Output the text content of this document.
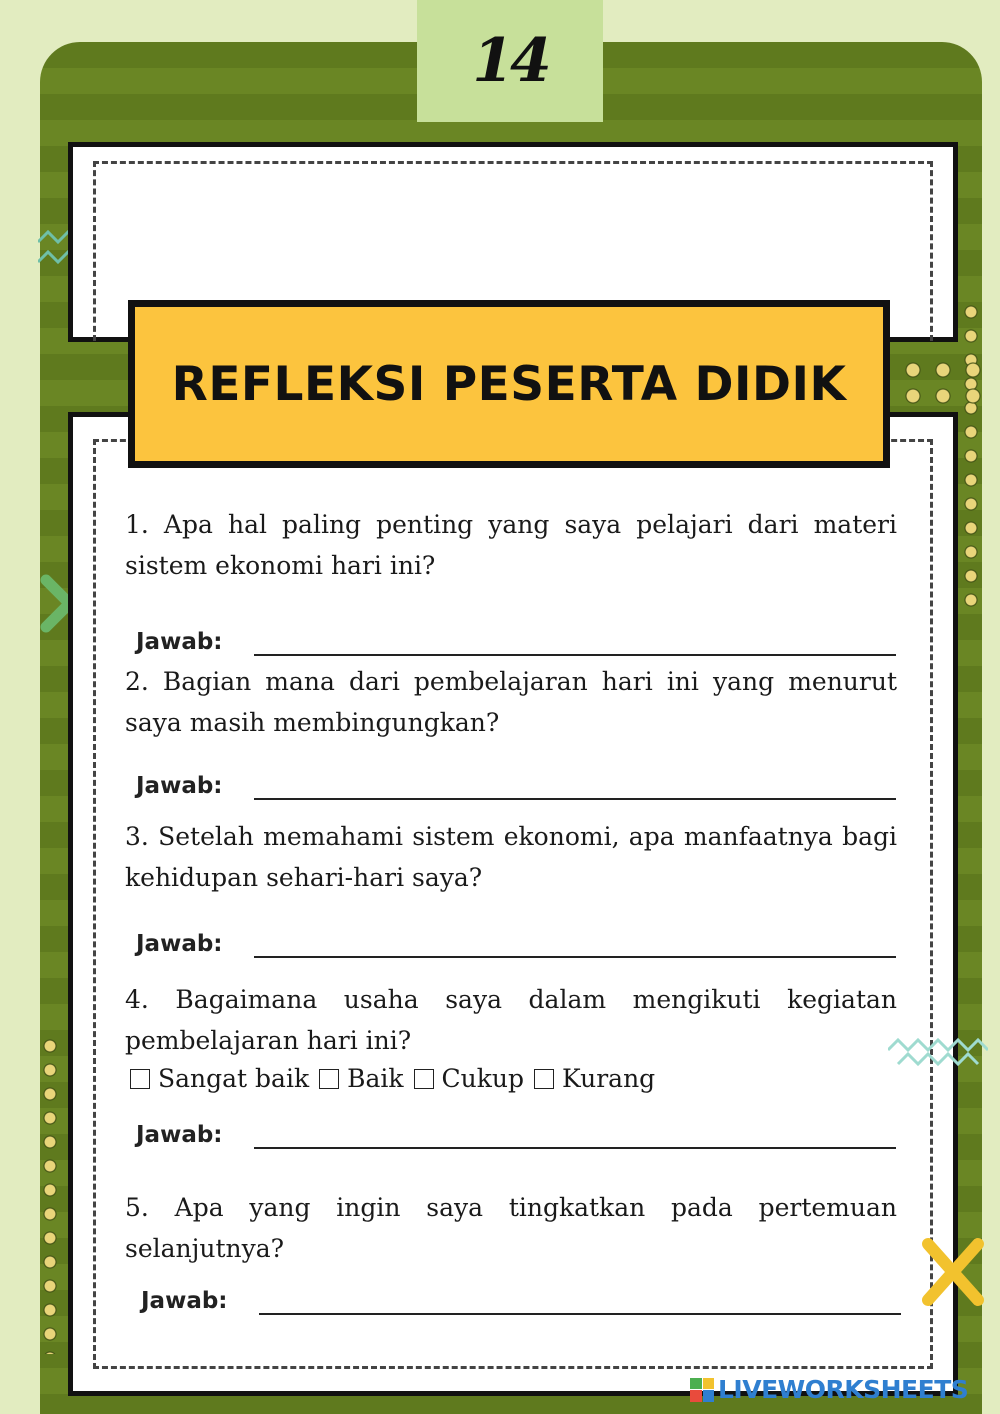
14
REFLEKSI PESERTA DIDIK

1. Apa hal paling penting yang saya pelajari dari materi sistem ekonomi hari ini?

Jawab:

2. Bagian mana dari pembelajaran hari ini yang menurut saya masih membingungkan?

Jawab:

3. Setelah memahami sistem ekonomi, apa manfaatnya bagi kehidupan sehari-hari saya?

Jawab:

4. Bagaimana usaha saya dalam mengikuti kegiatan pembelajaran hari ini?

Sangat baik Baik Cukup Kurang
Jawab:

5. Apa yang ingin saya tingkatkan pada pertemuan selanjutnya?

Jawab:
LIVEWORKSHEETS
